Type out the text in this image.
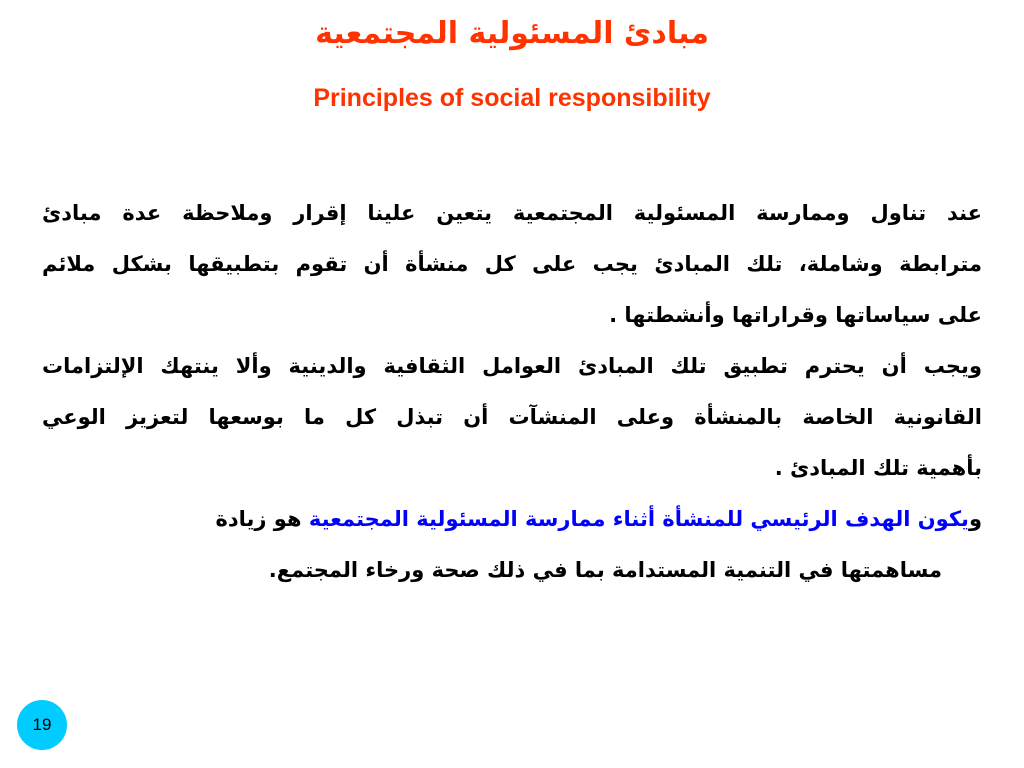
مبادئ المسئولية المجتمعية
Principles of social responsibility
عند تناول وممارسة المسئولية المجتمعية يتعين علينا إقرار وملاحظة عدة مبادئ
مترابطة وشاملة، تلك المبادئ يجب على كل منشأة أن تقوم بتطبيقها بشكل ملائم
على سياساتها وقراراتها وأنشطتها .
ويجب أن يحترم تطبيق تلك المبادئ العوامل الثقافية والدينية وألا ينتهك الإلتزامات
القانونية الخاصة بالمنشأة وعلى المنشآت أن تبذل كل ما بوسعها لتعزيز الوعي
بأهمية تلك المبادئ .
ويكون الهدف الرئيسي للمنشأة أثناء ممارسة المسئولية المجتمعية هو زيادة
مساهمتها في التنمية المستدامة بما في ذلك صحة ورخاء المجتمع.
19
